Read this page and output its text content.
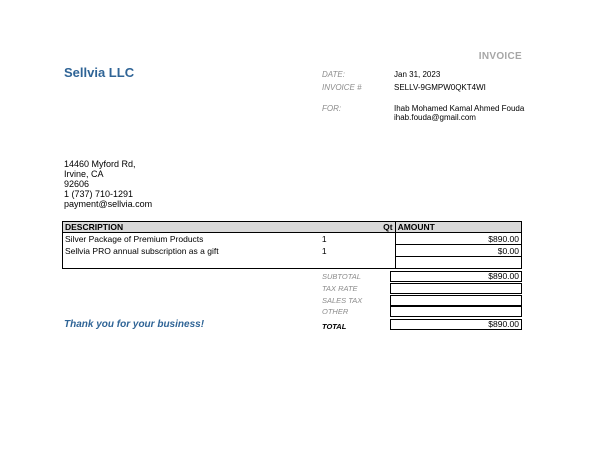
INVOICE
Sellvia LLC	DATE:	Jan 31, 2023
INVOICE #	SELLV-9GMPW0QKT4WI
FOR:	Ihab Mohamed Kamal Ahmed Fouda
ihab.fouda@gmail.com
14460 Myford Rd,
Irvine, CA
92606
1 (737) 710-1291
payment@sellvia.com
DESCRIPTION	Qt	AMOUNT
Silver Package of Premium Products	1	$890.00
Sellvia PRO annual subscription as a gift	1	$0.00

SUBTOTAL	$890.00
TAX RATE
SALES TAX
OTHER
TOTAL	$890.00
Thank you for your business!
